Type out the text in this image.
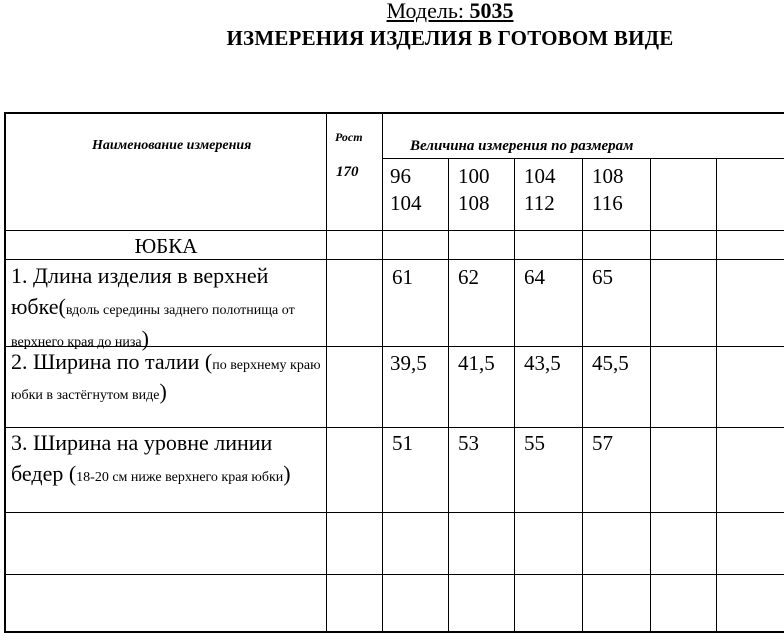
Модель: 5035
ИЗМЕРЕНИЯ ИЗДЕЛИЯ В ГОТОВОМ ВИДЕ
Наименование измерения
Рост
170
Величина измерения по размерам
96
104
100
108
104
112
108
116
ЮБКА
1. Длина изделия в верхней юбке(вдоль середины заднего полотнища от верхнего края до низа)
61 62 64 65
2. Ширина по талии (по верхнему краю юбки в застёгнутом виде)
39,5 41,5 43,5 45,5
3. Ширина на уровне линии бедер (18-20 см ниже верхнего края юбки)
51 53 55 57
